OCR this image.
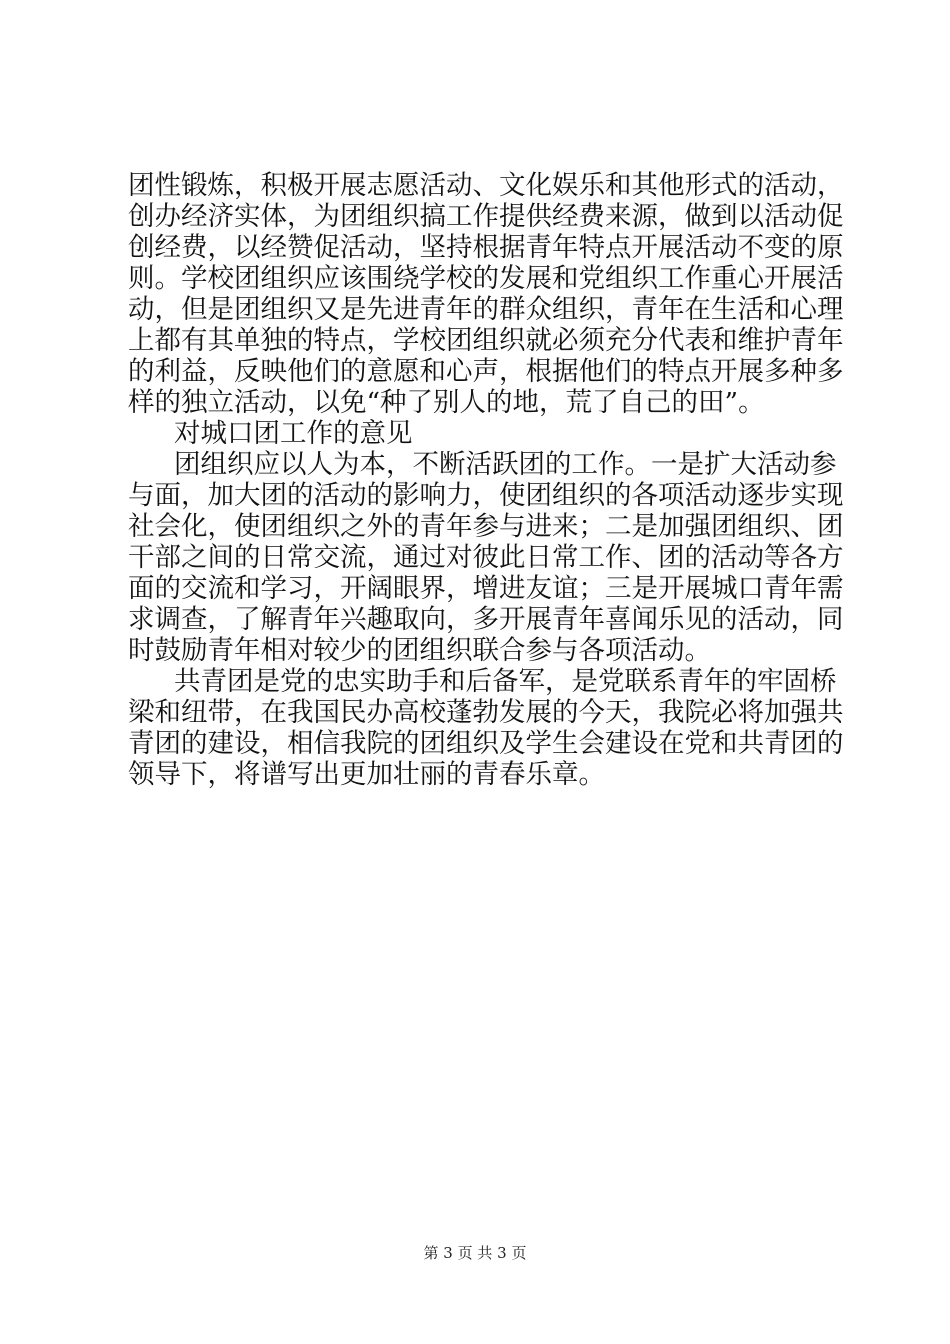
团性锻炼，积极开展志愿活动、文化娱乐和其他形式的活动，
创办经济实体，为团组织搞工作提供经费来源，做到以活动促
创经费，以经赞促活动，坚持根据青年特点开展活动不变的原
则。学校团组织应该围绕学校的发展和党组织工作重心开展活
动，但是团组织又是先进青年的群众组织，青年在生活和心理
上都有其单独的特点，学校团组织就必须充分代表和维护青年
的利益，反映他们的意愿和心声，根据他们的特点开展多种多
样的独立活动，以免“种了别人的地，荒了自己的田”。
对城口团工作的意见
团组织应以人为本，不断活跃团的工作。一是扩大活动参
与面，加大团的活动的影响力，使团组织的各项活动逐步实现
社会化，使团组织之外的青年参与进来；二是加强团组织、团
干部之间的日常交流，通过对彼此日常工作、团的活动等各方
面的交流和学习，开阔眼界，增进友谊；三是开展城口青年需
求调查，了解青年兴趣取向，多开展青年喜闻乐见的活动，同
时鼓励青年相对较少的团组织联合参与各项活动。
共青团是党的忠实助手和后备军，是党联系青年的牢固桥
梁和纽带，在我国民办高校蓬勃发展的今天，我院必将加强共
青团的建设，相信我院的团组织及学生会建设在党和共青团的
领导下，将谱写出更加壮丽的青春乐章。
第 3 页 共 3 页
